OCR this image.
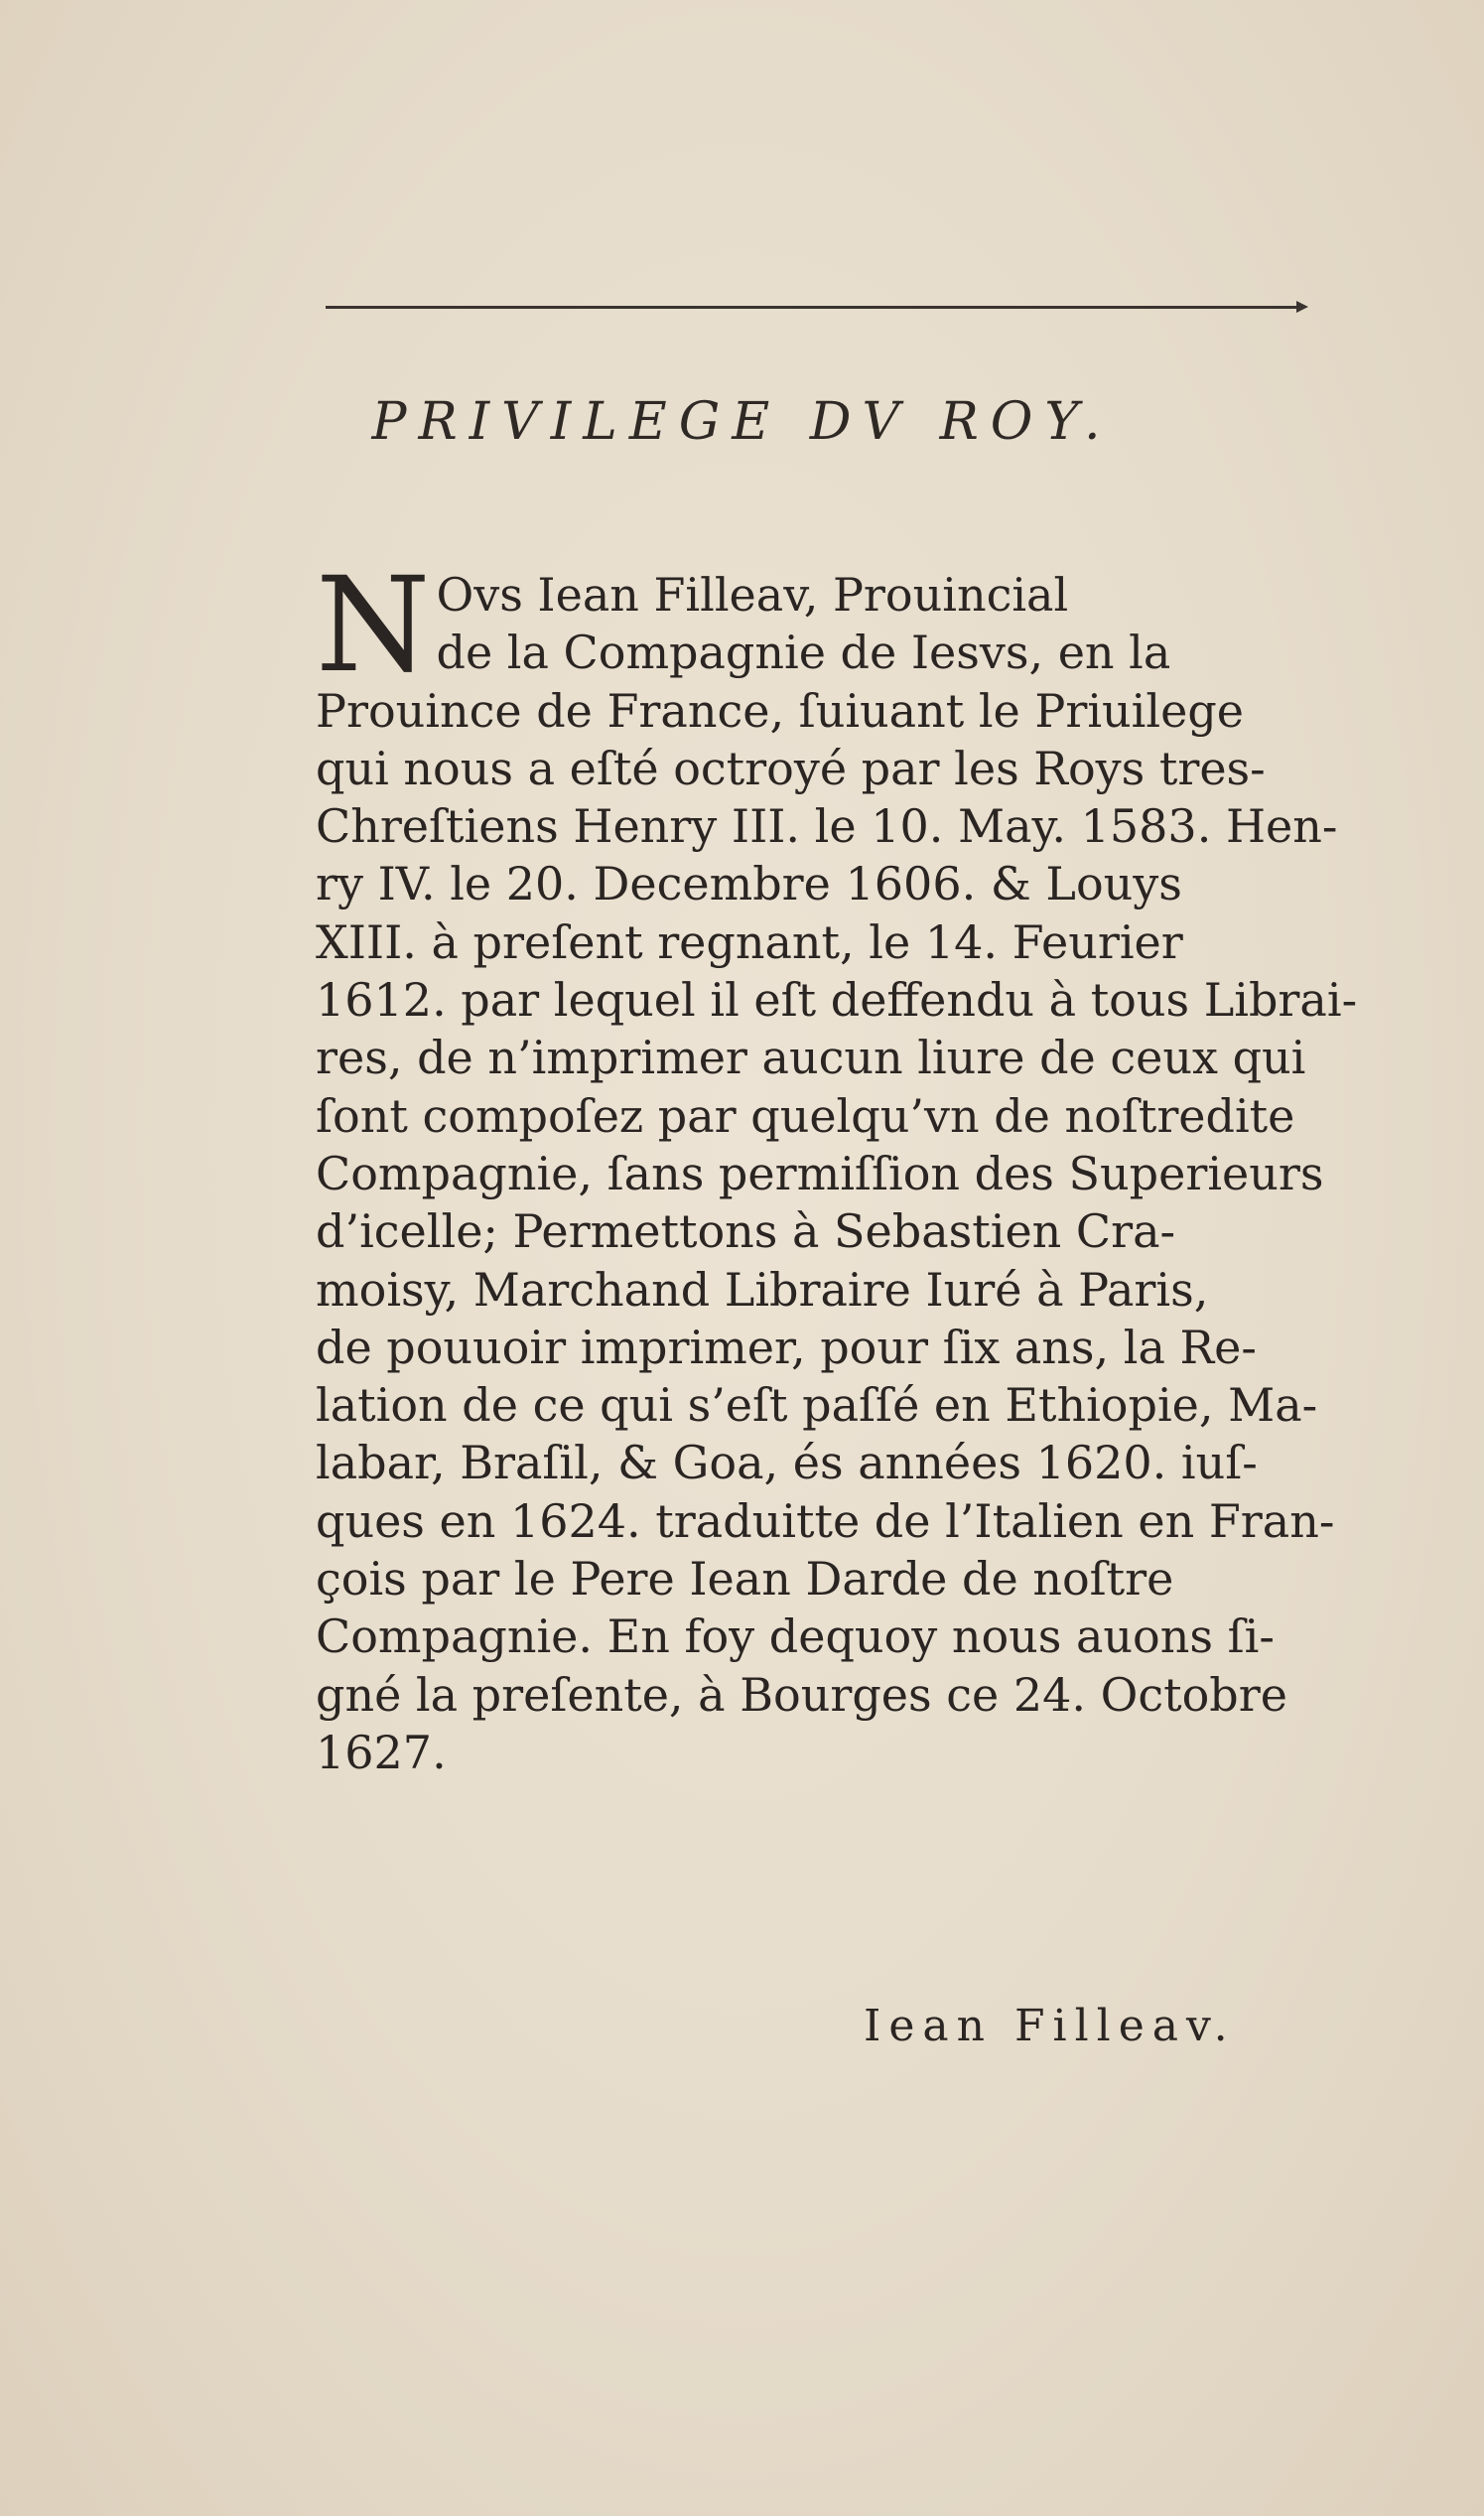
PRIVILEGE DV ROY.
N Ovs Iean Filleav, Prouincial
de la Compagnie de Iesvs, en la
Prouince de France, ſuiuant le Priuilege
qui nous a eſté octroyé par les Roys tres-
Chreſtiens Henry III. le 10. May. 1583. Hen-
ry IV. le 20. Decembre 1606. & Louys
XIII. à preſent regnant, le 14. Feurier
1612. par lequel il eſt deffendu à tous Librai-
res, de n’imprimer aucun liure de ceux qui
ſont compoſez par quelqu’vn de noſtredite
Compagnie, ſans permiſſion des Superieurs
d’icelle; Permettons à Sebastien Cra-
moisy, Marchand Libraire Iuré à Paris,
de pouuoir imprimer, pour ſix ans, la Re-
lation de ce qui s’eſt paſſé en Ethiopie, Ma-
labar, Braſil, & Goa, és années 1620. iuſ-
ques en 1624. traduitte de l’Italien en Fran-
çois par le Pere Iean Darde de noſtre
Compagnie. En foy dequoy nous auons ſi-
gné la preſente, à Bourges ce 24. Octobre
1627.
Iean Filleav.
